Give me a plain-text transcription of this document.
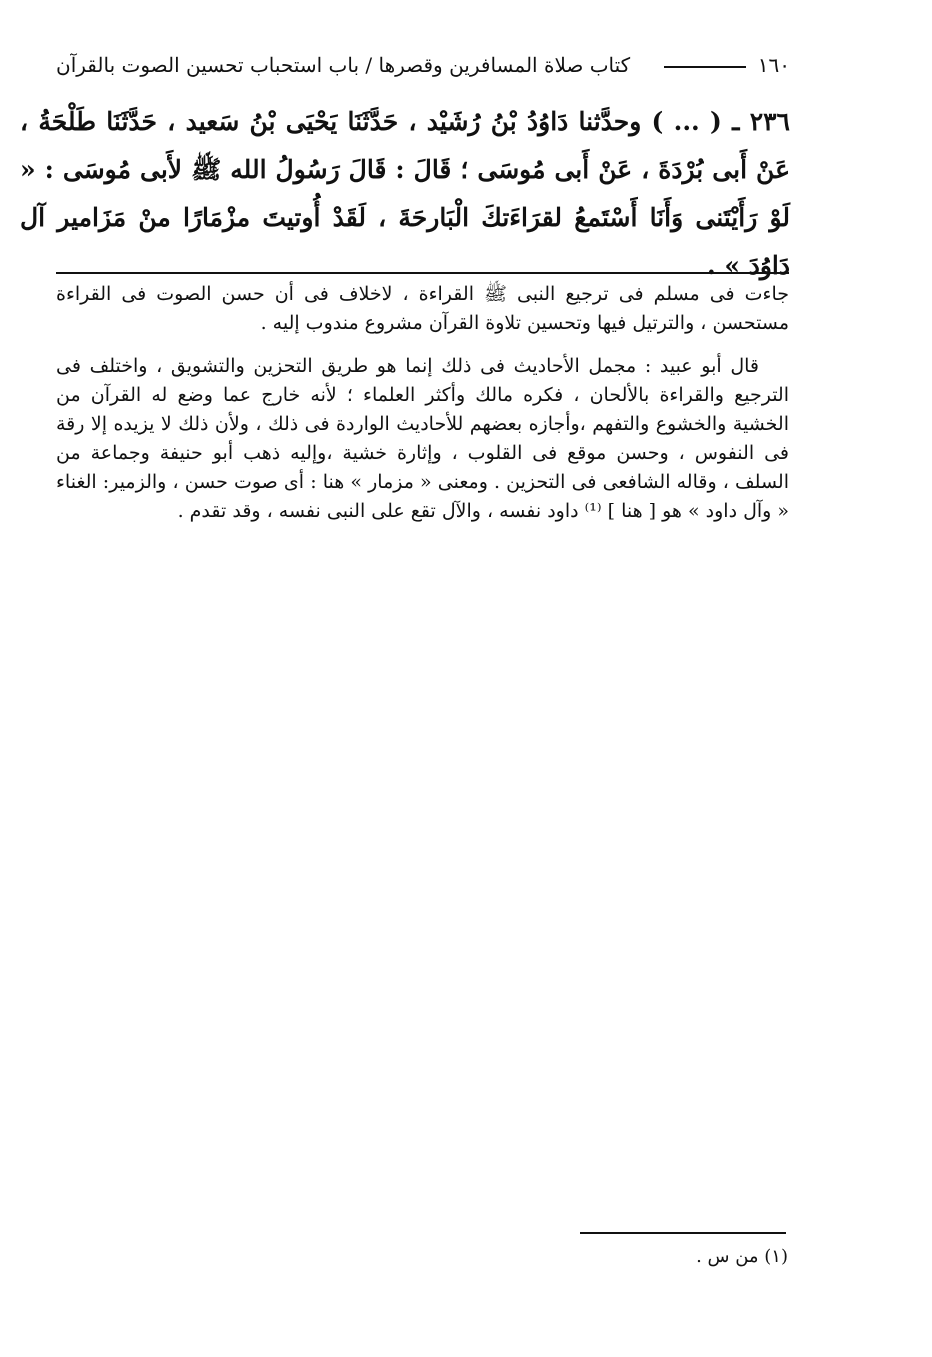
١٦٠
كتاب صلاة المسافرين وقصرها / باب استحباب تحسين الصوت بالقرآن
٢٣٦ ـ ( ... ) وحدَّثنا دَاوُدُ بْنُ رُشَيْد ، حَدَّثَنَا يَحْيَى بْنُ سَعيد ، حَدَّثَنَا طَلْحَةُ ، عَنْ أَبى بُرْدَةَ ، عَنْ أَبى مُوسَى ؛ قَالَ : قَالَ رَسُولُ الله ﷺ لأَبى مُوسَى : « لَوْ رَأَيْتَنى وَأَنَا أَسْتَمعُ لقرَاءَتكَ الْبَارحَةَ ، لَقَدْ أُوتيتَ مزْمَارًا منْ مَزَامير آل دَاوُدَ » .

جاءت فى مسلم فى ترجيع النبى ﷺ القراءة ، لاخلاف فى أن حسن الصوت فى القراءة مستحسن ، والترتيل فيها وتحسين تلاوة القرآن مشروع مندوب إليه .

قال أبو عبيد : مجمل الأحاديث فى ذلك إنما هو طريق التحزين والتشويق ، واختلف فى الترجيع والقراءة بالألحان ، فكره مالك وأكثر العلماء ؛ لأنه خارج عما وضع له القرآن من الخشية والخشوع والتفهم ،وأجازه بعضهم للأحاديث الواردة فى ذلك ، ولأن ذلك لا يزيده إلا رقة فى النفوس ، وحسن موقع فى القلوب ، وإثارة خشية ،وإليه ذهب أبو حنيفة وجماعة من السلف ، وقاله الشافعى فى التحزين . ومعنى « مزمار » هنا : أى صوت حسن ، والزمير: الغناء « وآل داود » هو [ هنا ] ⁽¹⁾ داود نفسه ، والآل تقع على النبى نفسه ، وقد تقدم .

(١) من س .
